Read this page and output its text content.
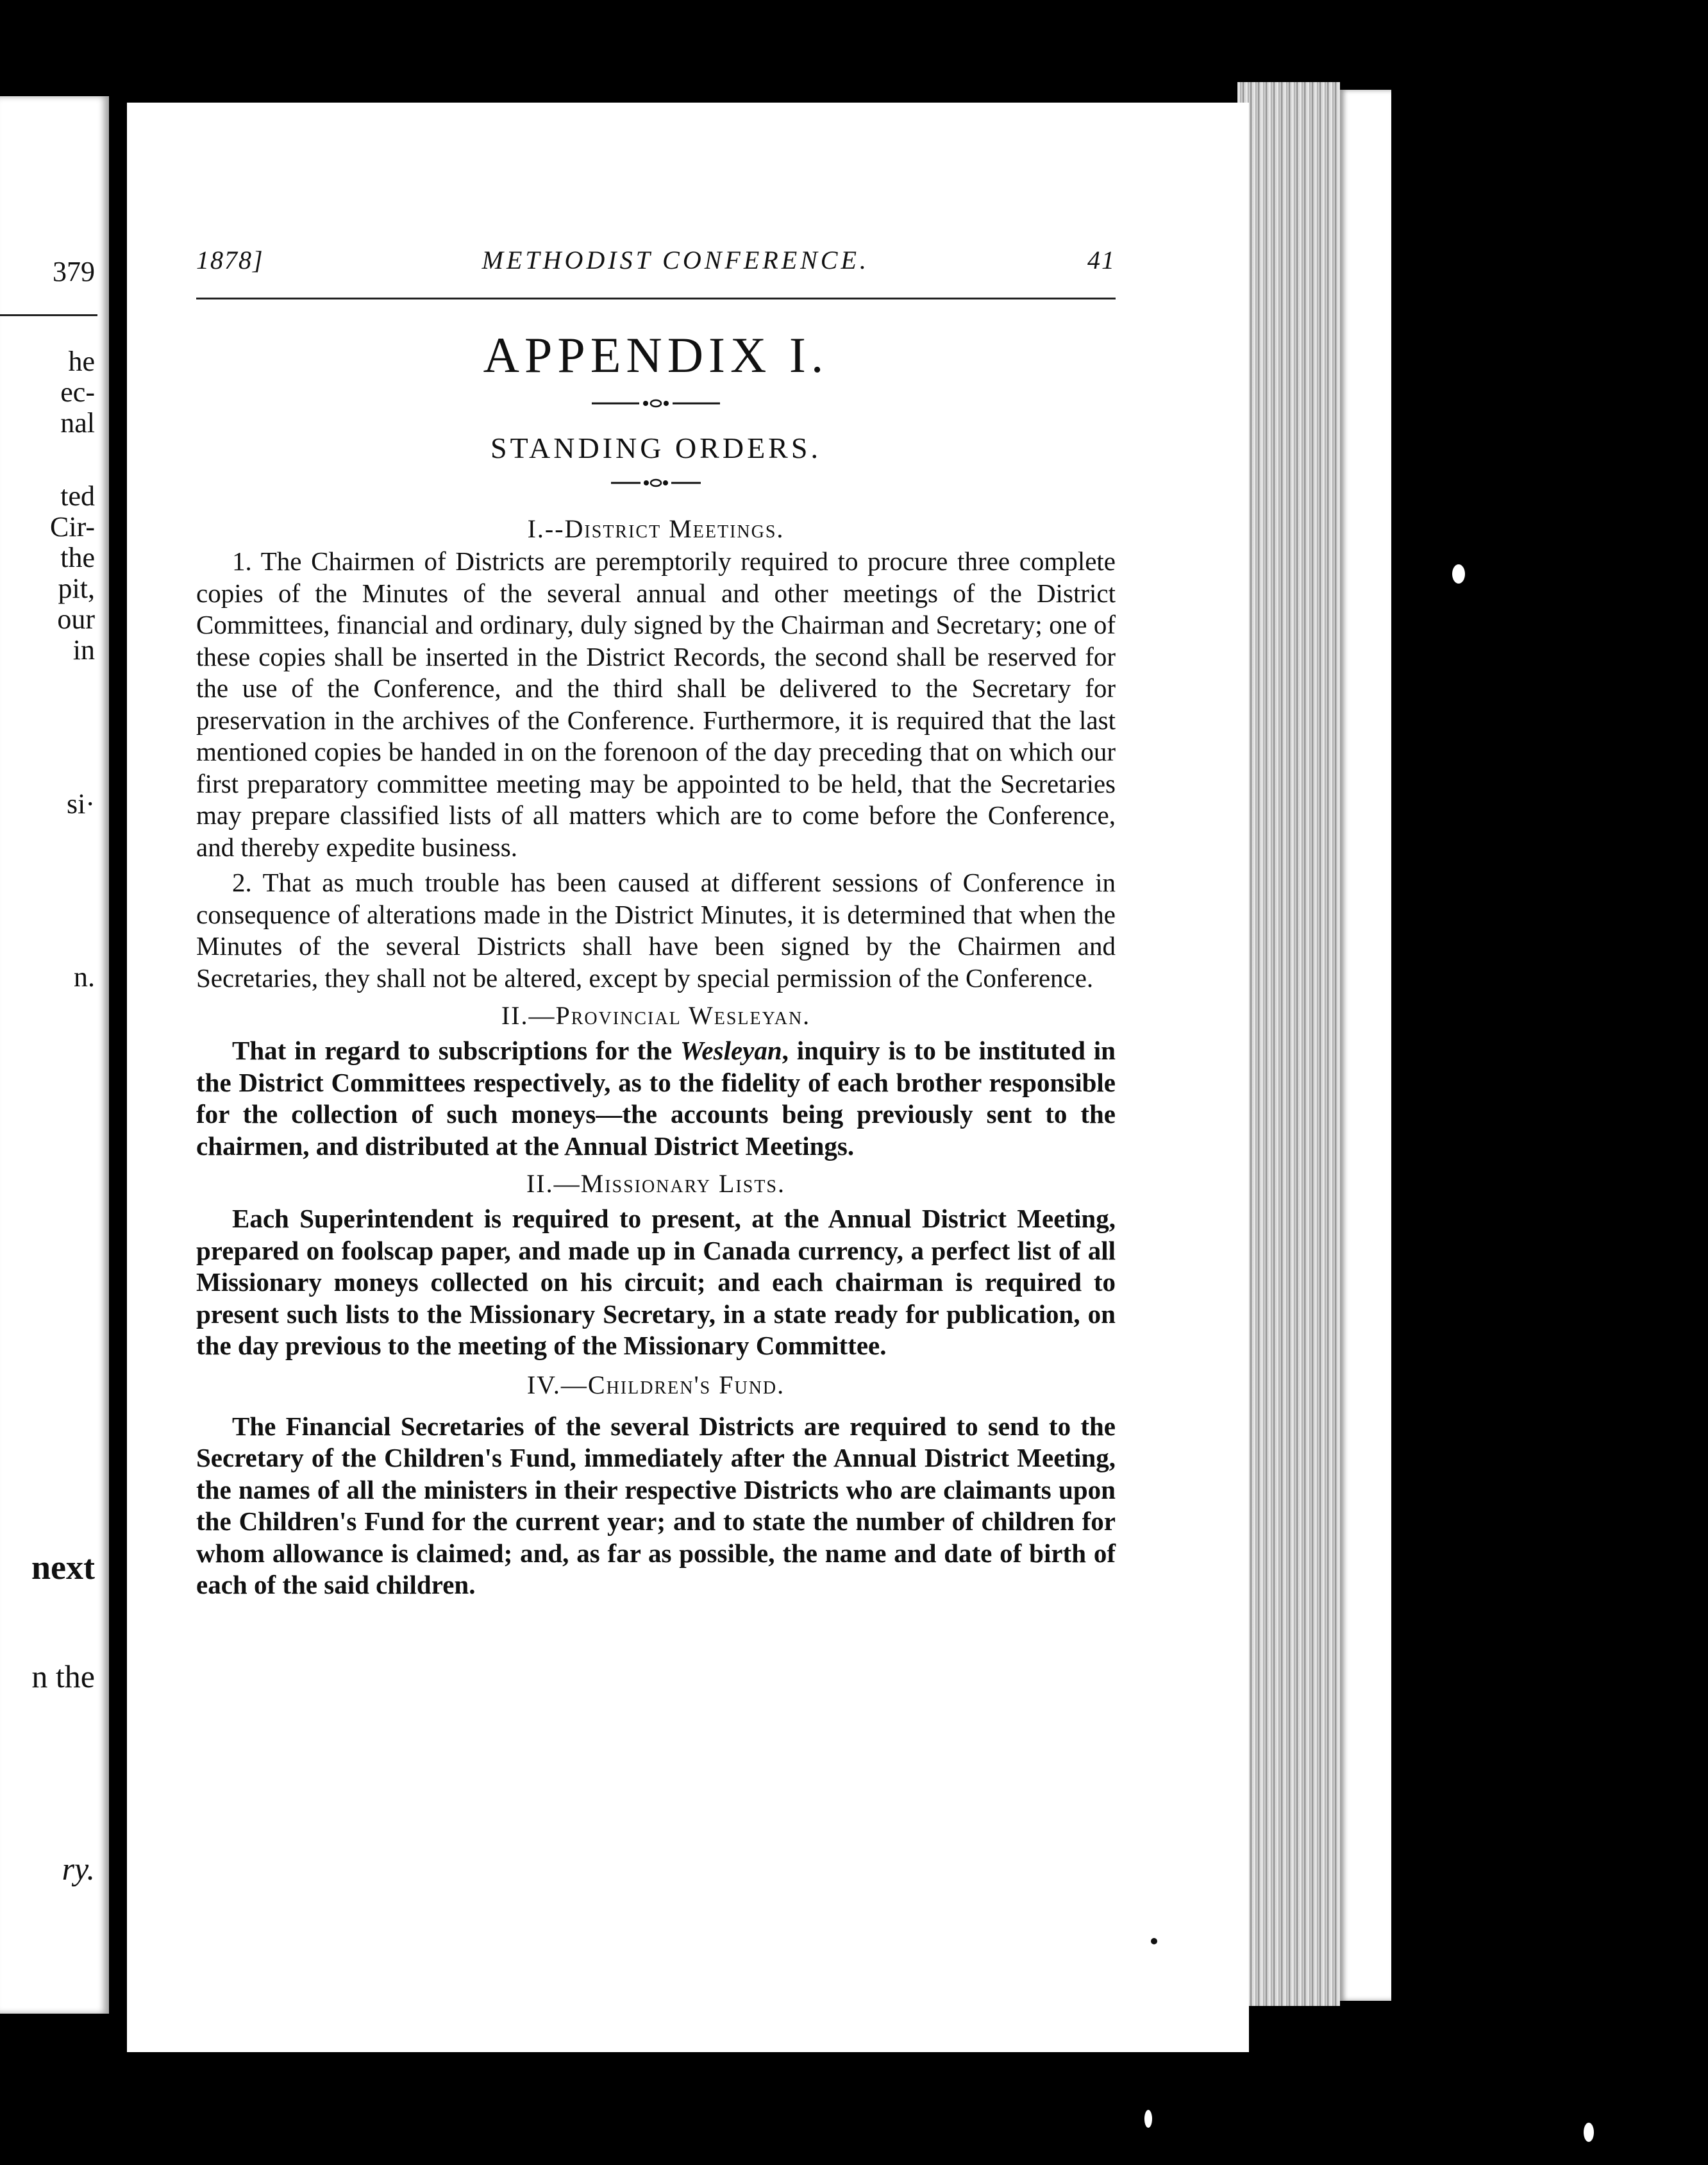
379
he
ec-
nal
ted
Cir-
the
pit,
our
in
si·
n.
next
n the
ry.
1878]	METHODIST CONFERENCE.	41
APPENDIX I.
STANDING ORDERS.
I.--District Meetings.

1. The Chairmen of Districts are peremptorily required to procure three complete copies of the Minutes of the several annual and other meetings of the District Committees, financial and ordinary, duly signed by the Chairman and Secretary; one of these copies shall be inserted in the District Records, the second shall be reserved for the use of the Conference, and the third shall be delivered to the Secretary for preservation in the archives of the Conference. Furthermore, it is required that the last mentioned copies be handed in on the forenoon of the day preceding that on which our first preparatory committee meeting may be appointed to be held, that the Secretaries may prepare classified lists of all matters which are to come before the Conference, and thereby expedite business.

2. That as much trouble has been caused at different sessions of Conference in consequence of alterations made in the District Minutes, it is determined that when the Minutes of the several Districts shall have been signed by the Chairmen and Secretaries, they shall not be altered, except by special permission of the Conference.

II.—Provincial Wesleyan.

That in regard to subscriptions for the Wesleyan, inquiry is to be instituted in the District Committees respectively, as to the fidelity of each brother responsible for the collection of such moneys—the accounts being previously sent to the chairmen, and distributed at the Annual District Meetings.

II.—Missionary Lists.

Each Superintendent is required to present, at the Annual District Meeting, prepared on foolscap paper, and made up in Canada currency, a perfect list of all Missionary moneys collected on his circuit; and each chairman is required to present such lists to the Missionary Secretary, in a state ready for publication, on the day previous to the meeting of the Missionary Committee.

IV.—Children's Fund.

The Financial Secretaries of the several Districts are required to send to the Secretary of the Children's Fund, immediately after the Annual District Meeting, the names of all the ministers in their respective Districts who are claimants upon the Children's Fund for the current year; and to state the number of children for whom allowance is claimed; and, as far as possible, the name and date of birth of each of the said children.
